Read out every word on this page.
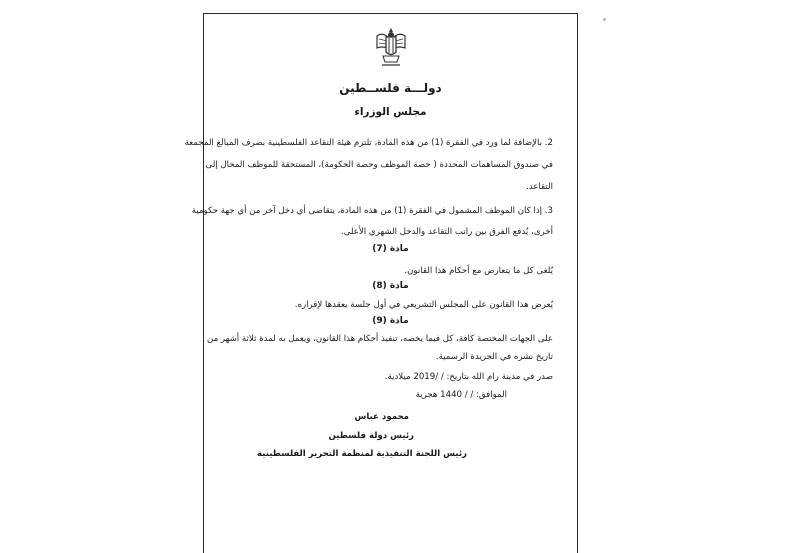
دولـــة فلســطين
مجلس الوزراء
2. بالإضافة لما ورد في الفقرة (1) من هذه المادة، تلتزم هيئة التقاعد الفلسطينية بصرف المبالغ المجمعة
في صندوق المساهمات المحددة ( حصة الموظف وحصة الحكومة)، المستحقة للموظف المحال إلى
التقاعد.
3. إذا كان الموظف المشمول في الفقرة (1) من هذه المادة، يتقاضى أي دخل آخر من أي جهة حكومية
أخرى، يُدفع الفرق بين راتب التقاعد والدخل الشهري الأعلى.
مادة (7)
يُلغى كل ما يتعارض مع أحكام هذا القانون.
مادة (8)
يُعرض هذا القانون على المجلس التشريعي في أول جلسة يعقدها لإقراره.
مادة (9)
على الجهات المختصة كافة، كل فيما يخصه، تنفيذ أحكام هذا القانون، ويعمل به لمدة ثلاثة أشهر من
تاريخ نشره في الجريدة الرسمية.
صدر في مدينة رام الله بتاريخ: / /2019 ميلادية.
الموافق: / / 1440 هجرية
محمود عباس
رئيس دولة فلسطين
رئيس اللجنة التنفيذية لمنظمة التحرير الفلسطينية
